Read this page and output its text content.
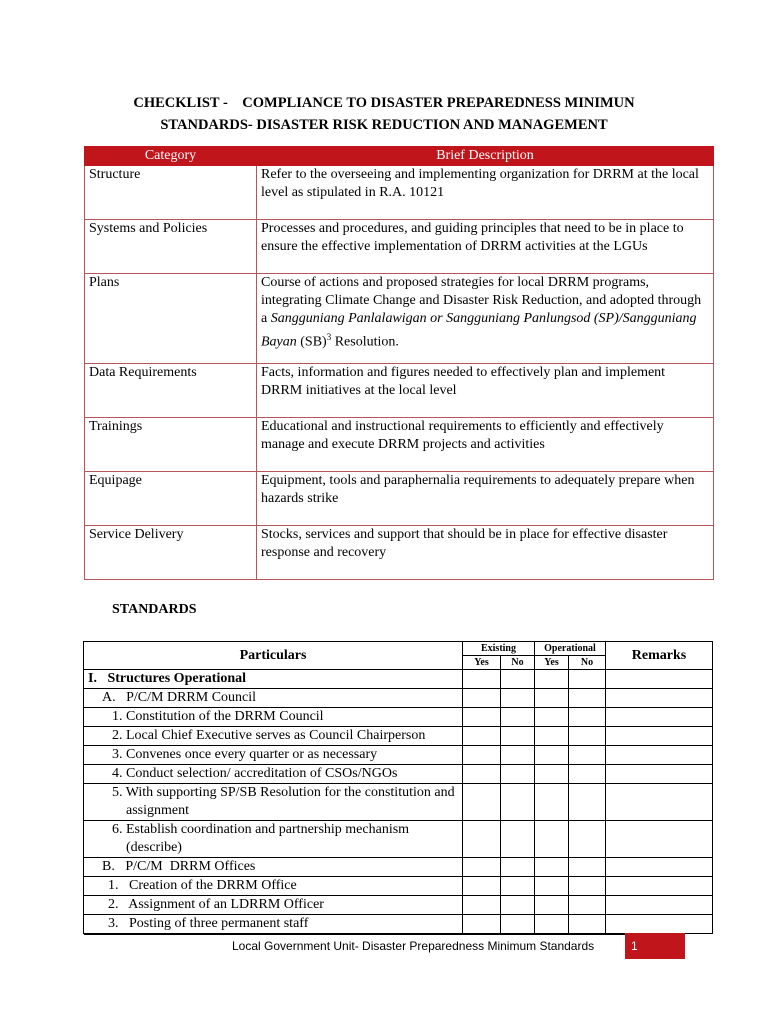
CHECKLIST -    COMPLIANCE TO DISASTER PREPAREDNESS MINIMUN
STANDARDS- DISASTER RISK REDUCTION AND MANAGEMENT
Category	Brief Description
Structure	Refer to the overseeing and implementing organization for DRRM at the local level as stipulated in R.A. 10121
Systems and Policies	Processes and procedures, and guiding principles that need to be in place to ensure the effective implementation of DRRM activities at the LGUs
Plans	Course of actions and proposed strategies for local DRRM programs, integrating Climate Change and Disaster Risk Reduction, and adopted through a Sangguniang Panlalawigan or Sangguniang Panlungsod (SP)/Sangguniang Bayan (SB)$^3$ Resolution.
Data Requirements	Facts, information and figures needed to effectively plan and implement DRRM initiatives at the local level
Trainings	Educational and instructional requirements to efficiently and effectively manage and execute DRRM projects and activities
Equipage	Equipment, tools and paraphernalia requirements to adequately prepare when hazards strike
Service Delivery	Stocks, services and support that should be in place for effective disaster response and recovery
STANDARDS
Particulars	Existing		Operational		Remarks
	Yes	No	Yes	No	
I.   Structures Operational					
A.   P/C/M DRRM Council					
1. Constitution of the DRRM Council					
2. Local Chief Executive serves as Council Chairperson					
3. Convenes once every quarter or as necessary					
4. Conduct selection/ accreditation of CSOs/NGOs					
5. With supporting SP/SB Resolution for the constitution and assignment					
6. Establish coordination and partnership mechanism (describe)					
B.   P/C/M  DRRM Offices					
1.   Creation of the DRRM Office					
2.   Assignment of an LDRRM Officer					
3.   Posting of three permanent staff					
Local Government Unit- Disaster Preparedness Minimum Standards	1
